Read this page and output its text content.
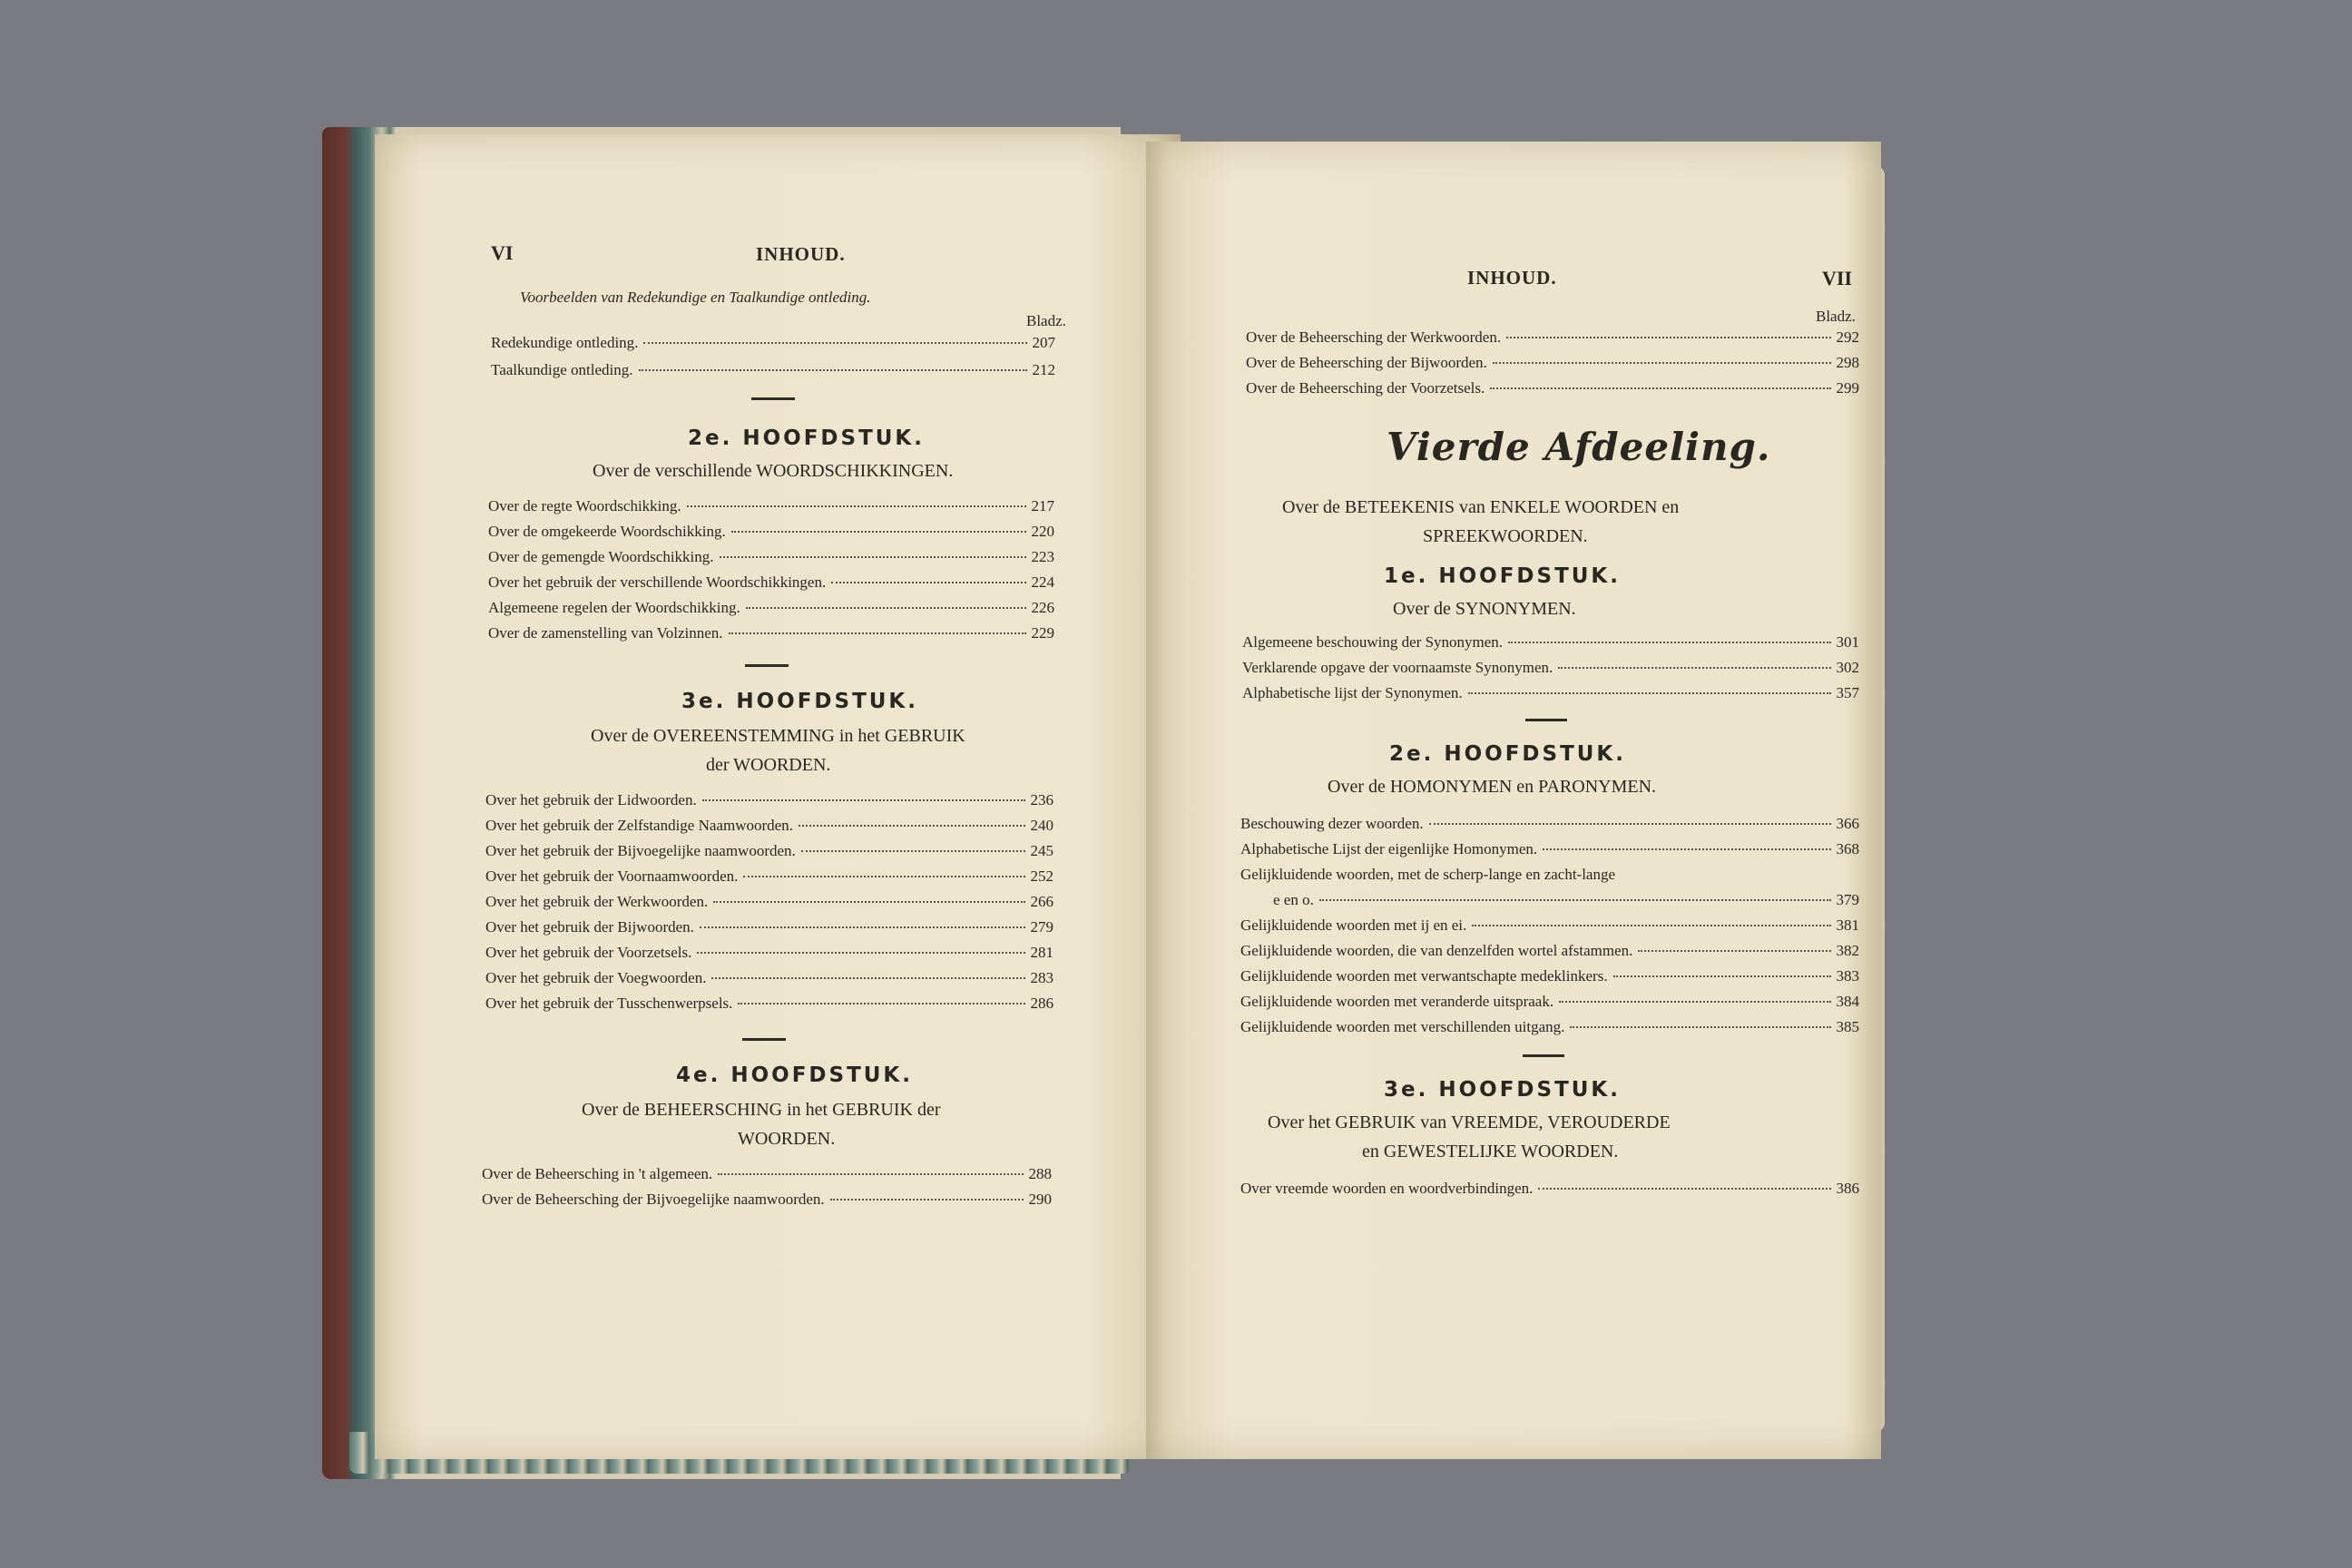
VI	INHOUD.
Voorbeelden van Redekundige en Taalkundige ontleding.
Bladz.
Redekundige ontleding.	207
Taalkundige ontleding.	212
2e. HOOFDSTUK.
Over de verschillende WOORDSCHIKKINGEN.
Over de regte Woordschikking.	217
Over de omgekeerde Woordschikking.	220
Over de gemengde Woordschikking.	223
Over het gebruik der verschillende Woordschikkingen.	224
Algemeene regelen der Woordschikking.	226
Over de zamenstelling van Volzinnen.	229
3e. HOOFDSTUK.
Over de OVEREENSTEMMING in het GEBRUIK
der WOORDEN.
Over het gebruik der Lidwoorden.	236
Over het gebruik der Zelfstandige Naamwoorden.	240
Over het gebruik der Bijvoegelijke naamwoorden.	245
Over het gebruik der Voornaamwoorden.	252
Over het gebruik der Werkwoorden.	266
Over het gebruik der Bijwoorden.	279
Over het gebruik der Voorzetsels.	281
Over het gebruik der Voegwoorden.	283
Over het gebruik der Tusschenwerpsels.	286
4e. HOOFDSTUK.
Over de BEHEERSCHING in het GEBRUIK der
WOORDEN.
Over de Beheersching in 't algemeen.	288
Over de Beheersching der Bijvoegelijke naamwoorden.	290
INHOUD.	VII
Bladz.
Over de Beheersching der Werkwoorden.	292
Over de Beheersching der Bijwoorden.	298
Over de Beheersching der Voorzetsels.	299
Vierde Afdeeling.
Over de BETEEKENIS van ENKELE WOORDEN en
SPREEKWOORDEN.
1e. HOOFDSTUK.
Over de SYNONYMEN.
Algemeene beschouwing der Synonymen.	301
Verklarende opgave der voornaamste Synonymen.	302
Alphabetische lijst der Synonymen.	357
2e. HOOFDSTUK.
Over de HOMONYMEN en PARONYMEN.
Beschouwing dezer woorden.	366
Alphabetische Lijst der eigenlijke Homonymen.	368
Gelijkluidende woorden, met de scherp-lange en zacht-lange
e en o.	379
Gelijkluidende woorden met ij en ei.	381
Gelijkluidende woorden, die van denzelfden wortel afstammen.	382
Gelijkluidende woorden met verwantschapte medeklinkers.	383
Gelijkluidende woorden met veranderde uitspraak.	384
Gelijkluidende woorden met verschillenden uitgang.	385
3e. HOOFDSTUK.
Over het GEBRUIK van VREEMDE, VEROUDERDE
en GEWESTELIJKE WOORDEN.
Over vreemde woorden en woordverbindingen.	386
